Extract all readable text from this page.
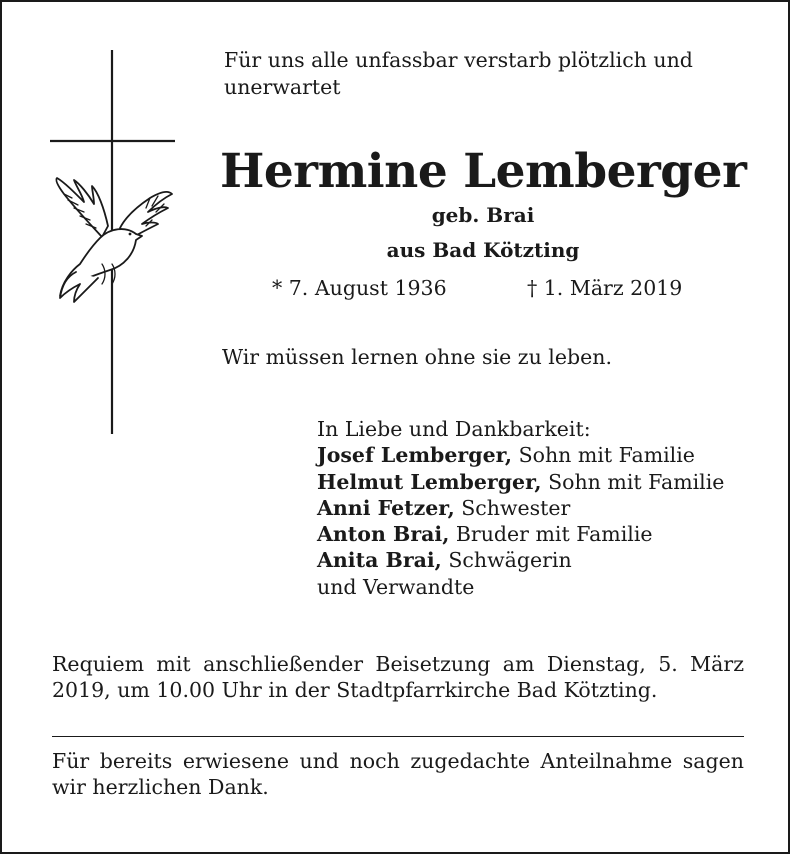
Für uns alle unfassbar verstarb plötzlich und unerwartet

Hermine Lemberger

geb. Brai

aus Bad Kötzting

* 7. August 1936	† 1. März 2019

Wir müssen lernen ohne sie zu leben.

In Liebe und Dankbarkeit:
Josef Lemberger, Sohn mit Familie
Helmut Lemberger, Sohn mit Familie
Anni Fetzer, Schwester
Anton Brai, Bruder mit Familie
Anita Brai, Schwägerin
und Verwandte

Requiem mit anschließender Beisetzung am Dienstag, 5. März 2019, um 10.00 Uhr in der Stadtpfarrkirche Bad Kötzting.

Für bereits erwiesene und noch zugedachte Anteilnahme sagen wir herzlichen Dank.
